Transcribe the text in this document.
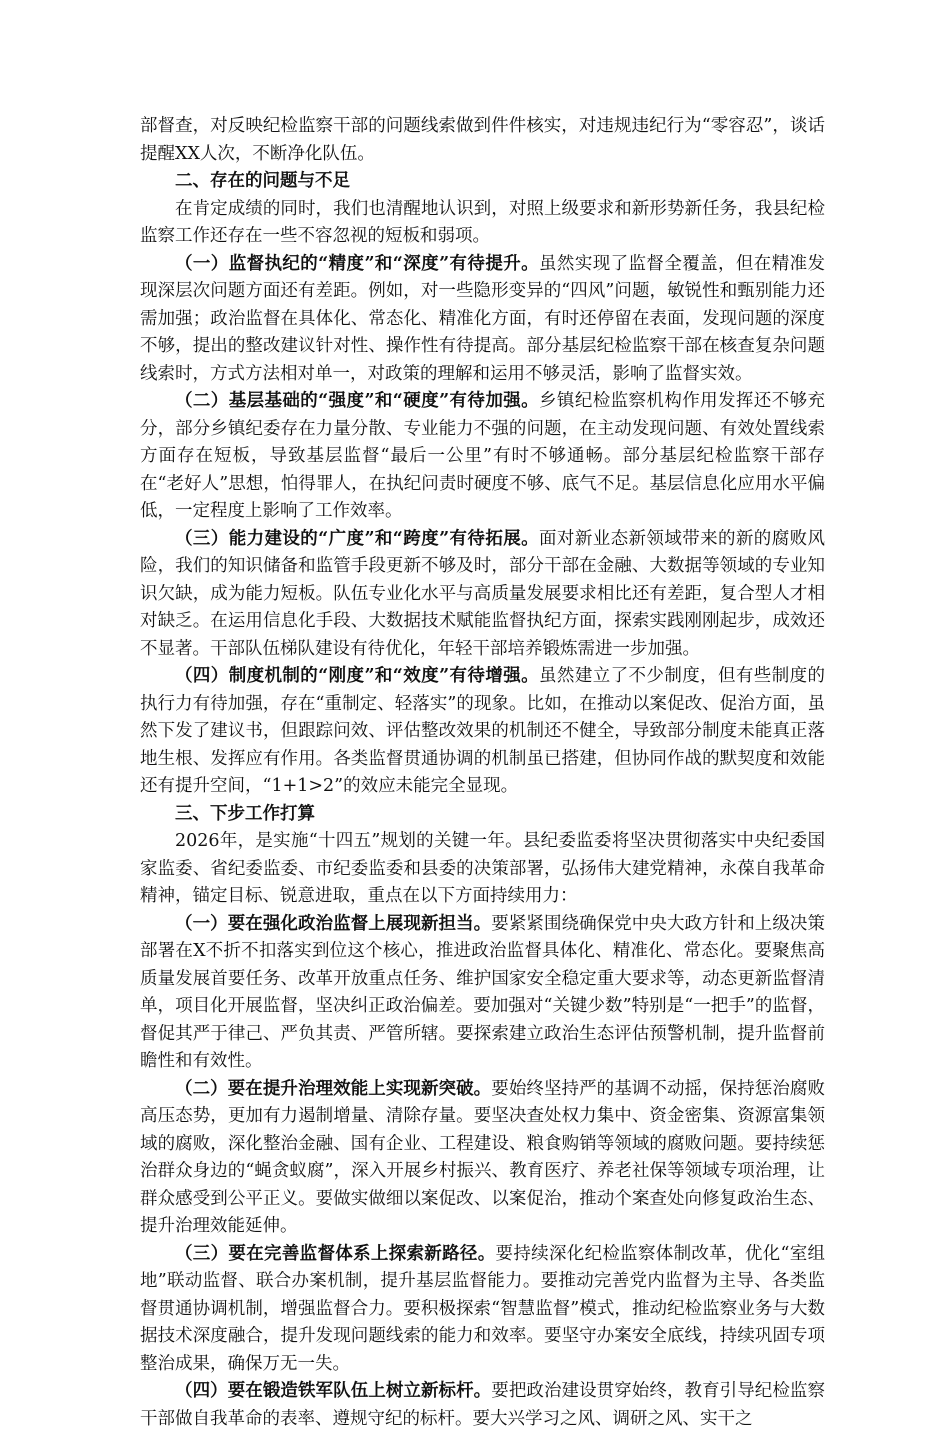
部督查，对反映纪检监察干部的问题线索做到件件核实，对违规违纪行为“零容忍”，谈话提醒XX人次，不断净化队伍。

二、存在的问题与不足

在肯定成绩的同时，我们也清醒地认识到，对照上级要求和新形势新任务，我县纪检监察工作还存在一些不容忽视的短板和弱项。

（一）监督执纪的“精度”和“深度”有待提升。虽然实现了监督全覆盖，但在精准发现深层次问题方面还有差距。例如，对一些隐形变异的“四风”问题，敏锐性和甄别能力还需加强；政治监督在具体化、常态化、精准化方面，有时还停留在表面，发现问题的深度不够，提出的整改建议针对性、操作性有待提高。部分基层纪检监察干部在核查复杂问题线索时，方式方法相对单一，对政策的理解和运用不够灵活，影响了监督实效。

（二）基层基础的“强度”和“硬度”有待加强。乡镇纪检监察机构作用发挥还不够充分，部分乡镇纪委存在力量分散、专业能力不强的问题，在主动发现问题、有效处置线索方面存在短板，导致基层监督“最后一公里”有时不够通畅。部分基层纪检监察干部存在“老好人”思想，怕得罪人，在执纪问责时硬度不够、底气不足。基层信息化应用水平偏低，一定程度上影响了工作效率。

（三）能力建设的“广度”和“跨度”有待拓展。面对新业态新领域带来的新的腐败风险，我们的知识储备和监管手段更新不够及时，部分干部在金融、大数据等领域的专业知识欠缺，成为能力短板。队伍专业化水平与高质量发展要求相比还有差距，复合型人才相对缺乏。在运用信息化手段、大数据技术赋能监督执纪方面，探索实践刚刚起步，成效还不显著。干部队伍梯队建设有待优化，年轻干部培养锻炼需进一步加强。

（四）制度机制的“刚度”和“效度”有待增强。虽然建立了不少制度，但有些制度的执行力有待加强，存在“重制定、轻落实”的现象。比如，在推动以案促改、促治方面，虽然下发了建议书，但跟踪问效、评估整改效果的机制还不健全，导致部分制度未能真正落地生根、发挥应有作用。各类监督贯通协调的机制虽已搭建，但协同作战的默契度和效能还有提升空间，“1+1>2”的效应未能完全显现。

三、下步工作打算

2026年，是实施“十四五”规划的关键一年。县纪委监委将坚决贯彻落实中央纪委国家监委、省纪委监委、市纪委监委和县委的决策部署，弘扬伟大建党精神，永葆自我革命精神，锚定目标、锐意进取，重点在以下方面持续用力：

（一）要在强化政治监督上展现新担当。要紧紧围绕确保党中央大政方针和上级决策部署在X不折不扣落实到位这个核心，推进政治监督具体化、精准化、常态化。要聚焦高质量发展首要任务、改革开放重点任务、维护国家安全稳定重大要求等，动态更新监督清单，项目化开展监督，坚决纠正政治偏差。要加强对“关键少数”特别是“一把手”的监督，督促其严于律己、严负其责、严管所辖。要探索建立政治生态评估预警机制，提升监督前瞻性和有效性。

（二）要在提升治理效能上实现新突破。要始终坚持严的基调不动摇，保持惩治腐败高压态势，更加有力遏制增量、清除存量。要坚决查处权力集中、资金密集、资源富集领域的腐败，深化整治金融、国有企业、工程建设、粮食购销等领域的腐败问题。要持续惩治群众身边的“蝇贪蚁腐”，深入开展乡村振兴、教育医疗、养老社保等领域专项治理，让群众感受到公平正义。要做实做细以案促改、以案促治，推动个案查处向修复政治生态、提升治理效能延伸。

（三）要在完善监督体系上探索新路径。要持续深化纪检监察体制改革，优化“室组地”联动监督、联合办案机制，提升基层监督能力。要推动完善党内监督为主导、各类监督贯通协调机制，增强监督合力。要积极探索“智慧监督”模式，推动纪检监察业务与大数据技术深度融合，提升发现问题线索的能力和效率。要坚守办案安全底线，持续巩固专项整治成果，确保万无一失。

（四）要在锻造铁军队伍上树立新标杆。要把政治建设贯穿始终，教育引导纪检监察干部做自我革命的表率、遵规守纪的标杆。要大兴学习之风、调研之风、实干之
